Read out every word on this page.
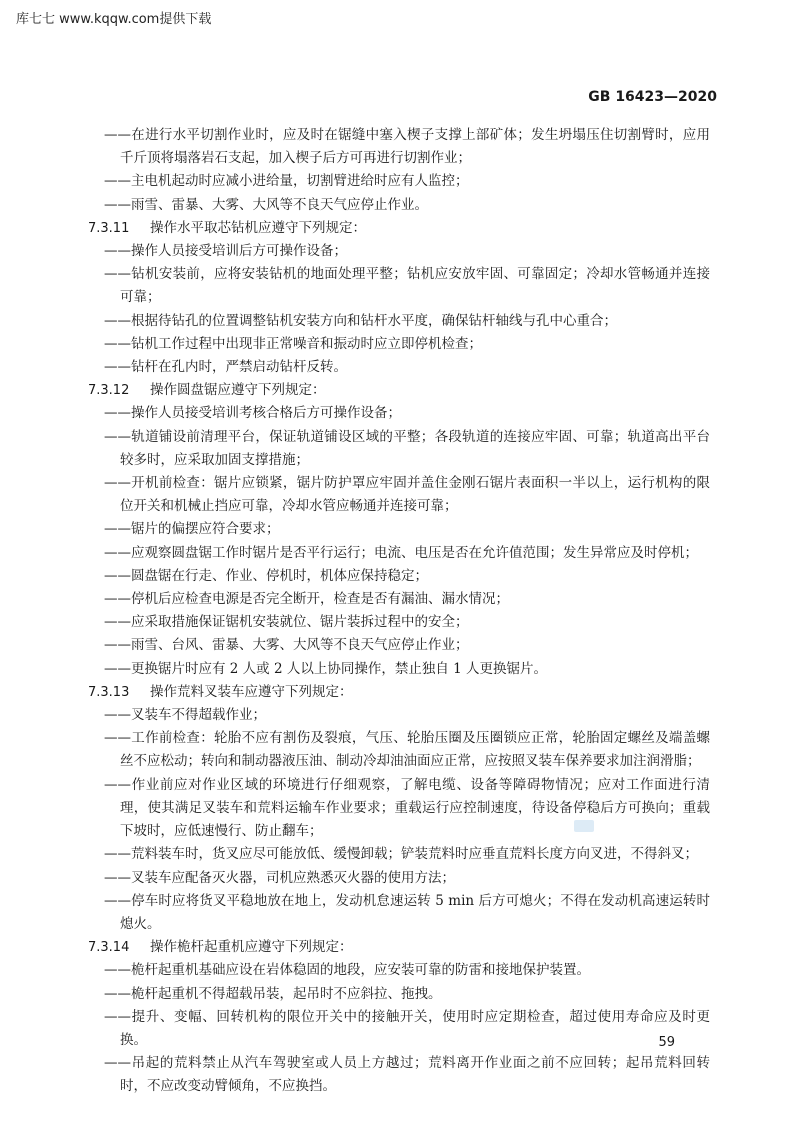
库七七 www.kqqw.com提供下载
GB 16423—2020
——在进行水平切割作业时，应及时在锯缝中塞入楔子支撑上部矿体；发生坍塌压住切割臂时，应用千斤顶将塌落岩石支起，加入楔子后方可再进行切割作业；
——主电机起动时应减小进给量，切割臂进给时应有人监控；
——雨雪、雷暴、大雾、大风等不良天气应停止作业。
7.3.11 操作水平取芯钻机应遵守下列规定：
——操作人员接受培训后方可操作设备；
——钻机安装前，应将安装钻机的地面处理平整；钻机应安放牢固、可靠固定；冷却水管畅通并连接可靠；
——根据待钻孔的位置调整钻机安装方向和钻杆水平度，确保钻杆轴线与孔中心重合；
——钻机工作过程中出现非正常噪音和振动时应立即停机检查；
——钻杆在孔内时，严禁启动钻杆反转。
7.3.12 操作圆盘锯应遵守下列规定：
——操作人员接受培训考核合格后方可操作设备；
——轨道铺设前清理平台，保证轨道铺设区域的平整；各段轨道的连接应牢固、可靠；轨道高出平台较多时，应采取加固支撑措施；
——开机前检查：锯片应锁紧，锯片防护罩应牢固并盖住金刚石锯片表面积一半以上，运行机构的限位开关和机械止挡应可靠，冷却水管应畅通并连接可靠；
——锯片的偏摆应符合要求；
——应观察圆盘锯工作时锯片是否平行运行；电流、电压是否在允许值范围；发生异常应及时停机；
——圆盘锯在行走、作业、停机时，机体应保持稳定；
——停机后应检查电源是否完全断开，检查是否有漏油、漏水情况；
——应采取措施保证锯机安装就位、锯片装拆过程中的安全；
——雨雪、台风、雷暴、大雾、大风等不良天气应停止作业；
——更换锯片时应有 2 人或 2 人以上协同操作，禁止独自 1 人更换锯片。
7.3.13 操作荒料叉装车应遵守下列规定：
——叉装车不得超载作业；
——工作前检查：轮胎不应有割伤及裂痕，气压、轮胎压圈及压圈锁应正常，轮胎固定螺丝及端盖螺丝不应松动；转向和制动器液压油、制动冷却油油面应正常，应按照叉装车保养要求加注润滑脂；
——作业前应对作业区域的环境进行仔细观察，了解电缆、设备等障碍物情况；应对工作面进行清理，使其满足叉装车和荒料运输车作业要求；重载运行应控制速度，待设备停稳后方可换向；重载下坡时，应低速慢行、防止翻车；
——荒料装车时，货叉应尽可能放低、缓慢卸载；铲装荒料时应垂直荒料长度方向叉进，不得斜叉；
——叉装车应配备灭火器，司机应熟悉灭火器的使用方法；
——停车时应将货叉平稳地放在地上，发动机怠速运转 5 min 后方可熄火；不得在发动机高速运转时熄火。
7.3.14 操作桅杆起重机应遵守下列规定：
——桅杆起重机基础应设在岩体稳固的地段，应安装可靠的防雷和接地保护装置。
——桅杆起重机不得超载吊装，起吊时不应斜拉、拖拽。
——提升、变幅、回转机构的限位开关中的接触开关，使用时应定期检查，超过使用寿命应及时更换。
——吊起的荒料禁止从汽车驾驶室或人员上方越过；荒料离开作业面之前不应回转；起吊荒料回转时，不应改变动臂倾角，不应换挡。
59
